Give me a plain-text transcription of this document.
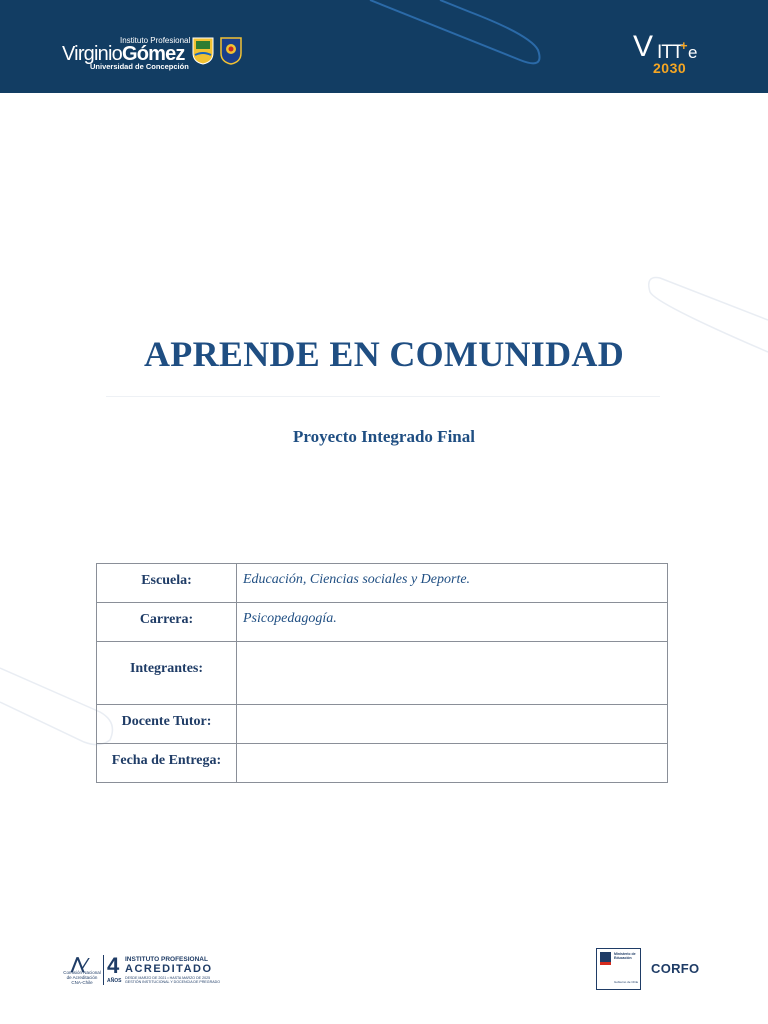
Instituto Profesional
VirginioGómez
Universidad de Concepción
V ITT
+ e
2030
APRENDE EN COMUNIDAD
Proyecto Integrado Final
Escuela:	Educación, Ciencias sociales y Deporte.
Carrera:	Psicopedagogía.
Integrantes:	
Docente Tutor:	
Fecha de Entrega:	
⋀⁄
Comisión Nacional de Acreditación CNA-Chile
4
AÑOS
INSTITUTO PROFESIONAL
ACREDITADO
DESDE MARZO DE 2021 • HASTA MARZO DE 2025
GESTIÓN INSTITUCIONAL Y DOCENCIA DE PREGRADO
Ministerio de Educación
Gobierno de Chile
CORFO
